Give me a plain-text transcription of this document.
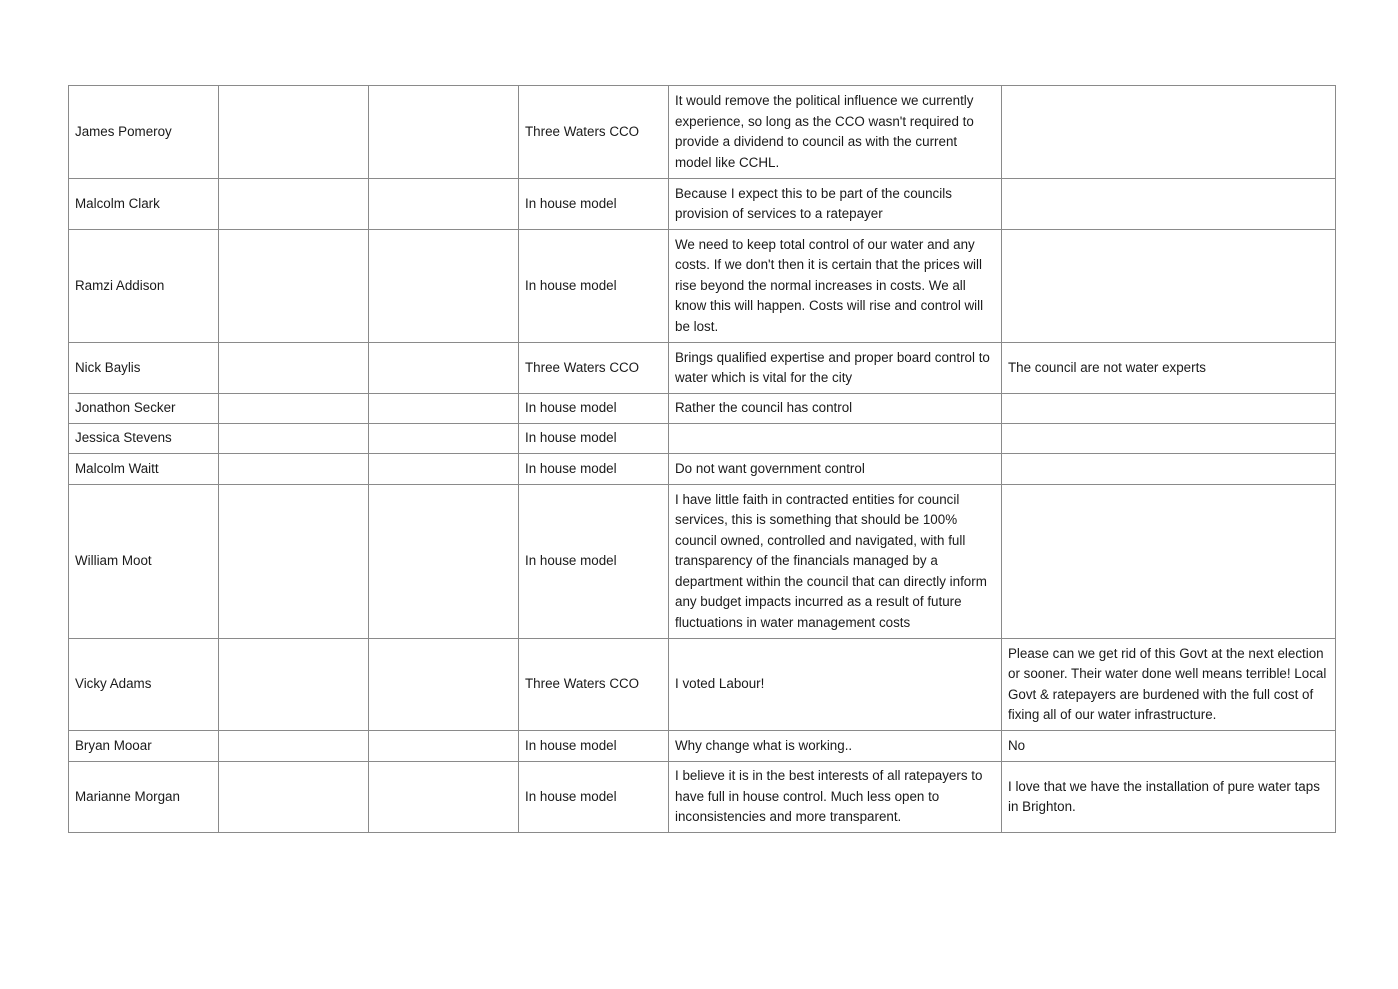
James Pomeroy			Three Waters CCO	It would remove the political influence we currently experience, so long as the CCO wasn't required to provide a dividend to council as with the current model like CCHL.	
Malcolm Clark			In house model	Because I expect this to be part of the councils provision of services to a ratepayer	
Ramzi Addison			In house model	We need to keep total control of our water and any costs. If we don't then it is certain that the prices will rise beyond the normal increases in costs. We all know this will happen. Costs will rise and control will be lost.	
Nick Baylis			Three Waters CCO	Brings qualified expertise and proper board control to water which is vital for the city	The council are not water experts
Jonathon Secker			In house model	Rather the council has control	
Jessica Stevens			In house model		
Malcolm Waitt			In house model	Do not want government control	
William Moot			In house model	I have little faith in contracted entities for council services, this is something that should be 100% council owned, controlled and navigated, with full transparency of the financials managed by a department within the council that can directly inform any budget impacts incurred as a result of future fluctuations in water management costs	
Vicky Adams			Three Waters CCO	I voted Labour!	Please can we get rid of this Govt at the next election or sooner. Their water done well means terrible! Local Govt & ratepayers are burdened with the full cost of fixing all of our water infrastructure.
Bryan Mooar			In house model	Why change what is working..	No
Marianne Morgan			In house model	I believe it is in the best interests of all ratepayers to have full in house control. Much less open to inconsistencies and more transparent.	I love that we have the installation of pure water taps in Brighton.
